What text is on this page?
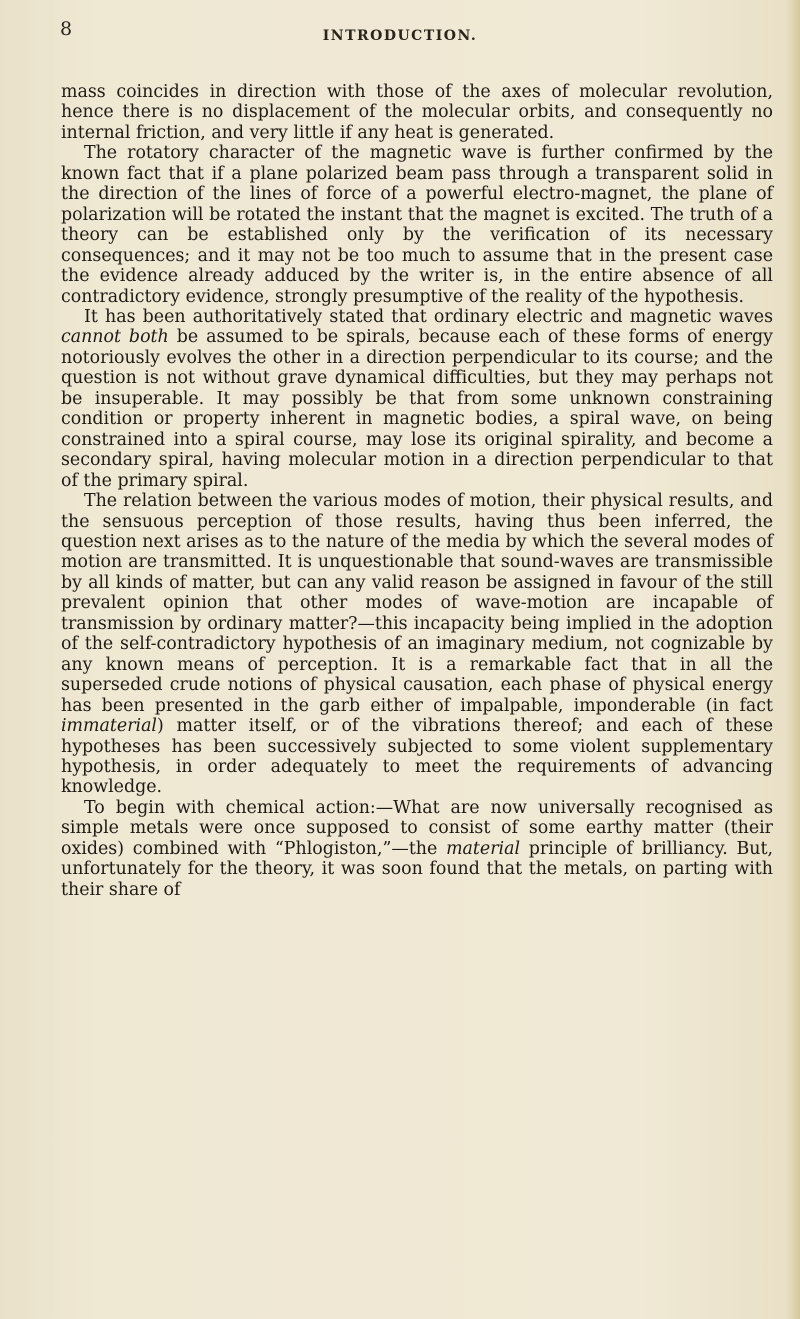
8	INTRODUCTION.

mass coincides in direction with those of the axes of molecular revolution, hence there is no displacement of the molecular orbits, and consequently no internal friction, and very little if any heat is generated.

The rotatory character of the magnetic wave is further confirmed by the known fact that if a plane polarized beam pass through a transparent solid in the direction of the lines of force of a powerful electro-magnet, the plane of polarization will be rotated the instant that the magnet is excited. The truth of a theory can be established only by the verification of its necessary consequences; and it may not be too much to assume that in the present case the evidence already adduced by the writer is, in the entire absence of all contradictory evidence, strongly presumptive of the reality of the hypothesis.

It has been authoritatively stated that ordinary electric and magnetic waves cannot both be assumed to be spirals, because each of these forms of energy notoriously evolves the other in a direction perpendicular to its course; and the question is not without grave dynamical difficulties, but they may perhaps not be insuperable. It may possibly be that from some unknown constraining condition or property inherent in magnetic bodies, a spiral wave, on being constrained into a spiral course, may lose its original spirality, and become a secondary spiral, having molecular motion in a direction perpendicular to that of the primary spiral.

The relation between the various modes of motion, their physical results, and the sensuous perception of those results, having thus been inferred, the question next arises as to the nature of the media by which the several modes of motion are transmitted. It is unquestionable that sound-waves are transmissible by all kinds of matter, but can any valid reason be assigned in favour of the still prevalent opinion that other modes of wave-motion are incapable of transmission by ordinary matter?—this incapacity being implied in the adoption of the self-contradictory hypothesis of an imaginary medium, not cognizable by any known means of perception. It is a remarkable fact that in all the superseded crude notions of physical causation, each phase of physical energy has been presented in the garb either of impalpable, imponderable (in fact immaterial) matter itself, or of the vibrations thereof; and each of these hypotheses has been successively subjected to some violent supplementary hypothesis, in order adequately to meet the requirements of advancing knowledge.

To begin with chemical action:—What are now universally recognised as simple metals were once supposed to consist of some earthy matter (their oxides) combined with “Phlogiston,”—the material principle of brilliancy. But, unfortunately for the theory, it was soon found that the metals, on parting with their share of
